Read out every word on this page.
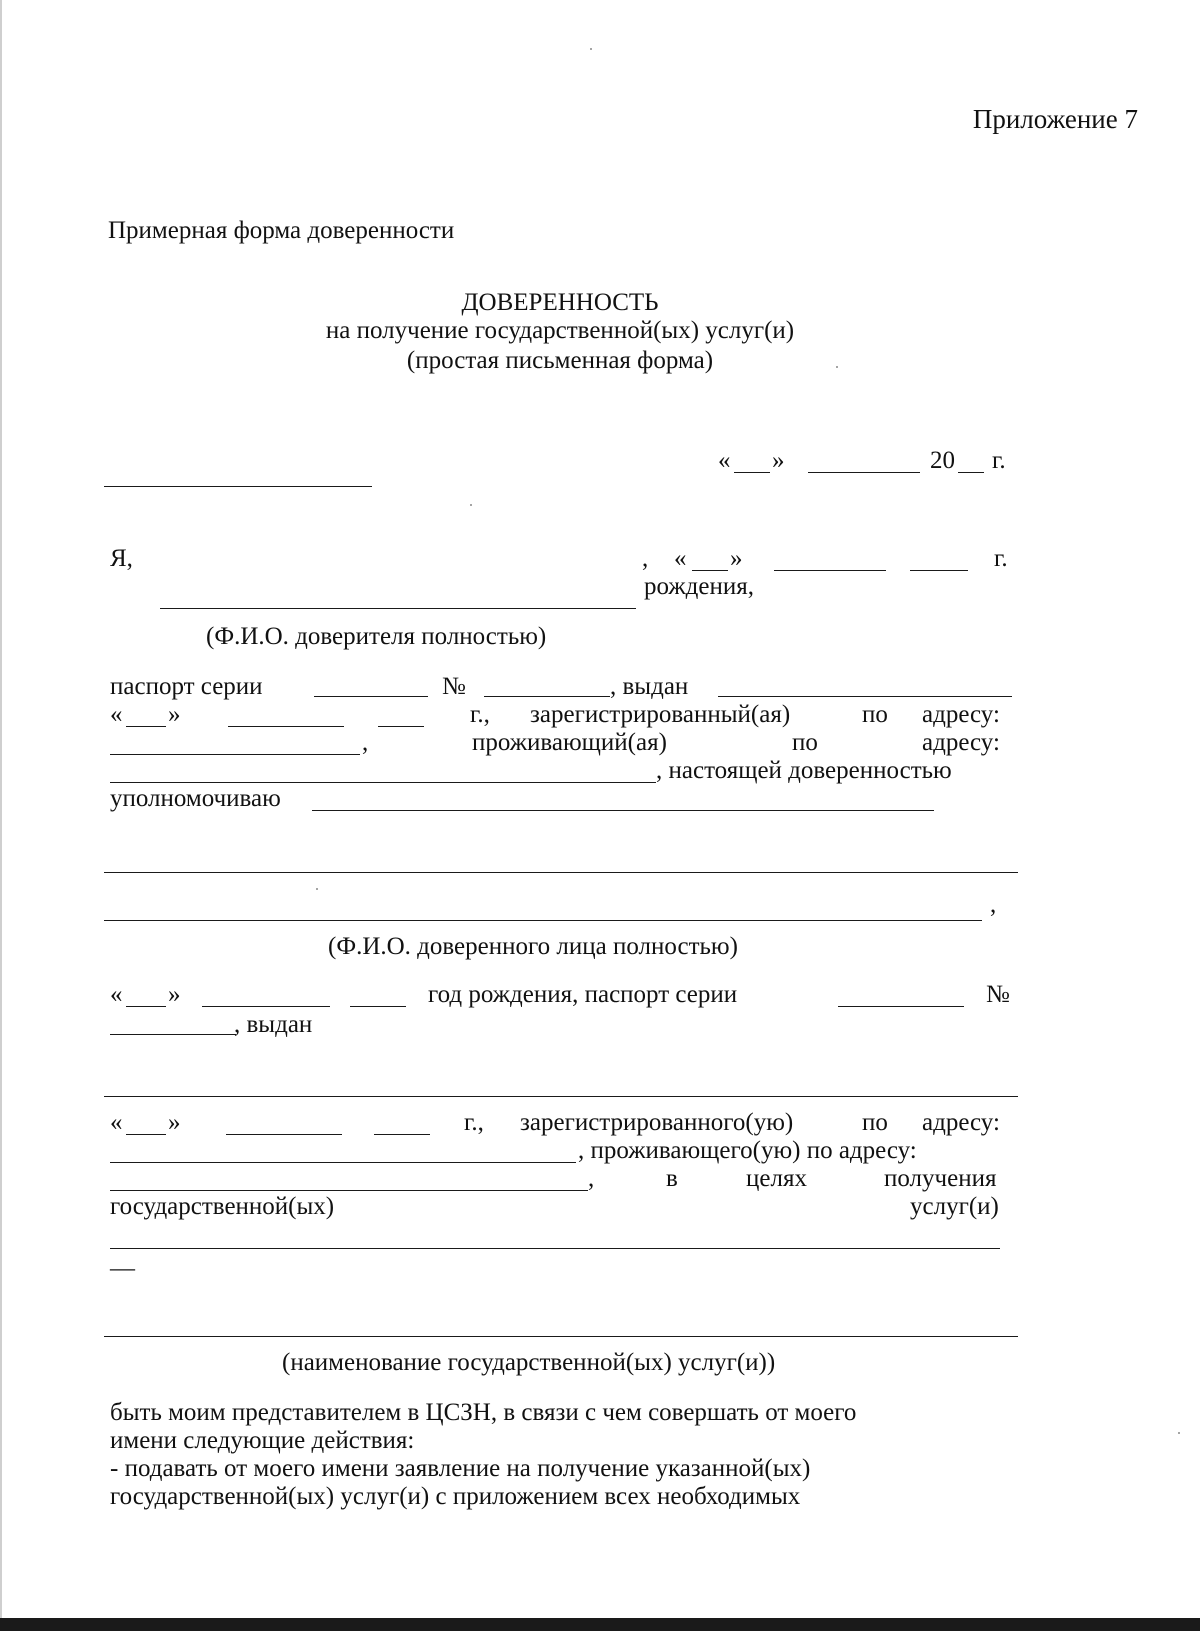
Приложение 7
Примерная форма доверенности
ДОВЕРЕННОСТЬ
на получение государственной(ых) услуг(и)
(простая письменная форма)
« »	20 г.
Я,	, « »	г.
рождения,
(Ф.И.О. доверителя полностью)
паспорт серии	№	, выдан
« »	г., зарегистрированный(ая)	по адресу:
,	проживающий(ая)	по	адресу:
, настоящей доверенностью
уполномочиваю
,
(Ф.И.О. доверенного лица полностью)
« »	год рождения, паспорт серии	№
, выдан
« »	г., зарегистрированного(ую)	по адресу:
, проживающего(ую) по адресу:
,	в	целях	получения
государственной(ых)	услуг(и)
—
(наименование государственной(ых) услуг(и))
быть моим представителем в ЦСЗН, в связи с чем совершать от моего
имени следующие действия:
- подавать от моего имени заявление на получение указанной(ых)
государственной(ых) услуг(и) с приложением всех необходимых
